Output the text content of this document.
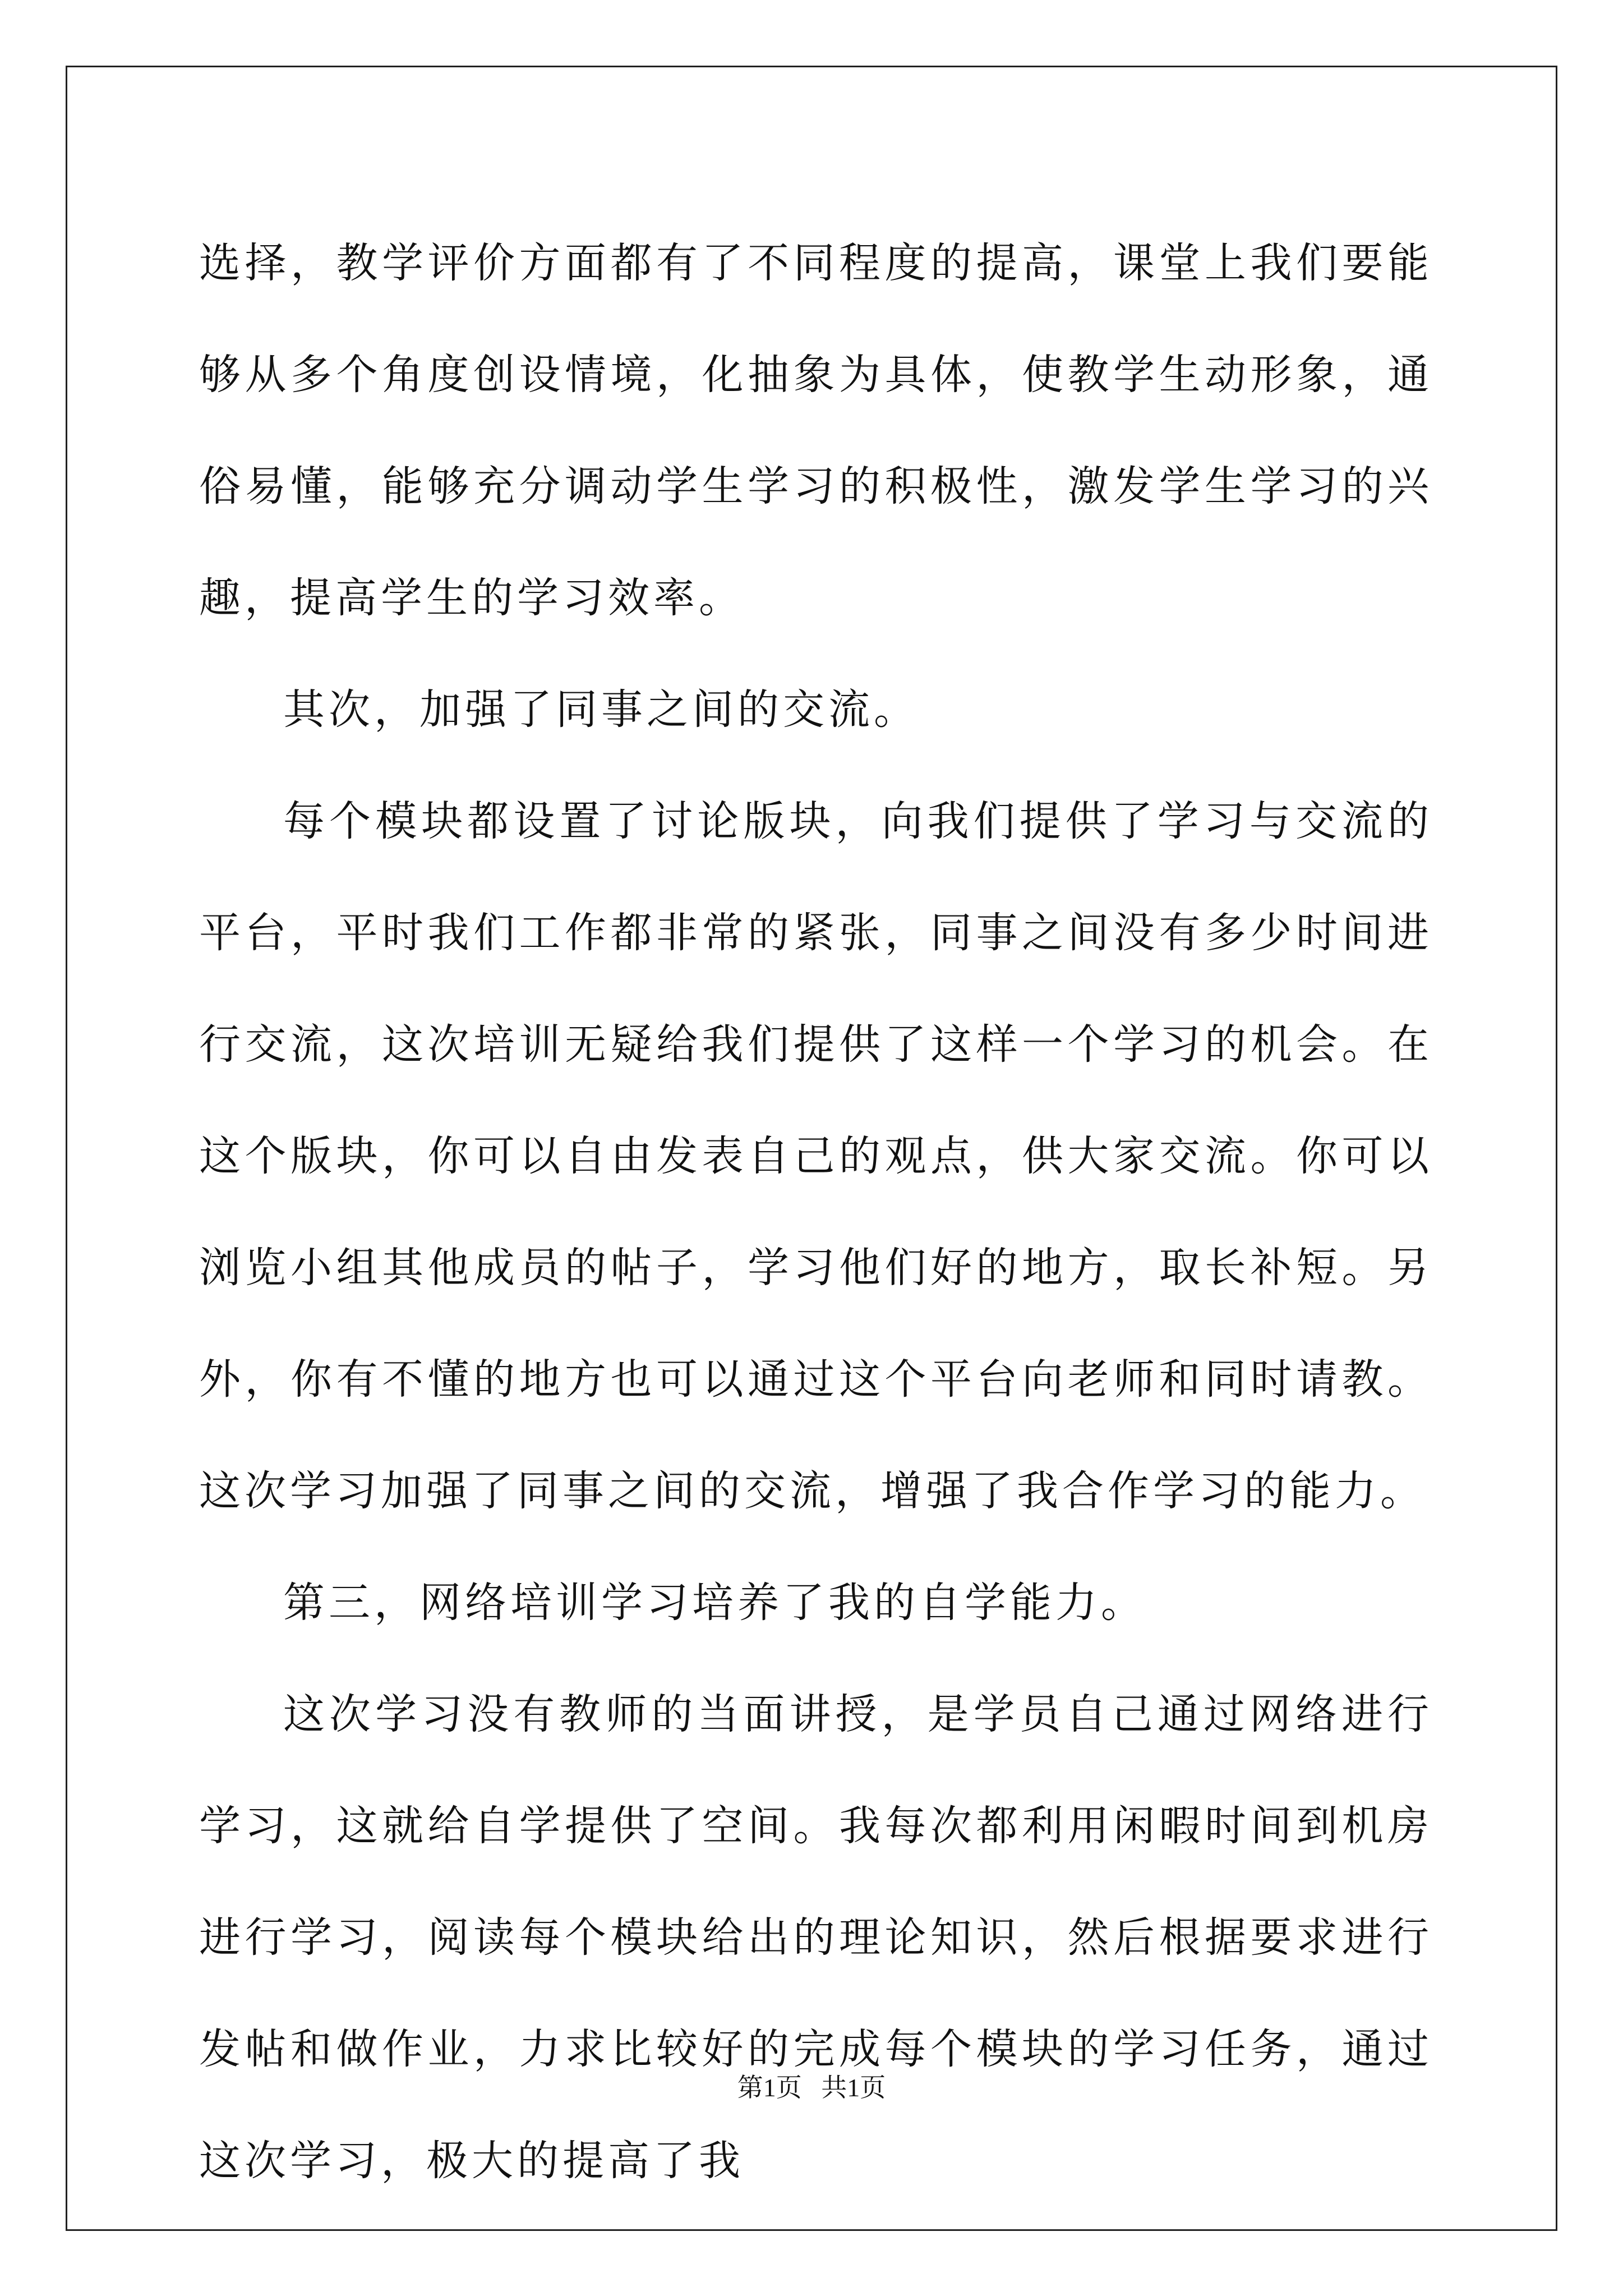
选择，教学评价方面都有了不同程度的提高，课堂上我们要能够从多个角度创设情境，化抽象为具体，使教学生动形象，通俗易懂，能够充分调动学生学习的积极性，激发学生学习的兴趣，提高学生的学习效率。

其次，加强了同事之间的交流。

每个模块都设置了讨论版块，向我们提供了学习与交流的平台，平时我们工作都非常的紧张，同事之间没有多少时间进行交流，这次培训无疑给我们提供了这样一个学习的机会。在这个版块，你可以自由发表自己的观点，供大家交流。你可以浏览小组其他成员的帖子，学习他们好的地方，取长补短。另外，你有不懂的地方也可以通过这个平台向老师和同时请教。这次学习加强了同事之间的交流，增强了我合作学习的能力。

第三，网络培训学习培养了我的自学能力。

这次学习没有教师的当面讲授，是学员自己通过网络进行学习，这就给自学提供了空间。我每次都利用闲暇时间到机房进行学习，阅读每个模块给出的理论知识，然后根据要求进行发帖和做作业，力求比较好的完成每个模块的学习任务，通过这次学习，极大的提高了我

第1页   共1页
